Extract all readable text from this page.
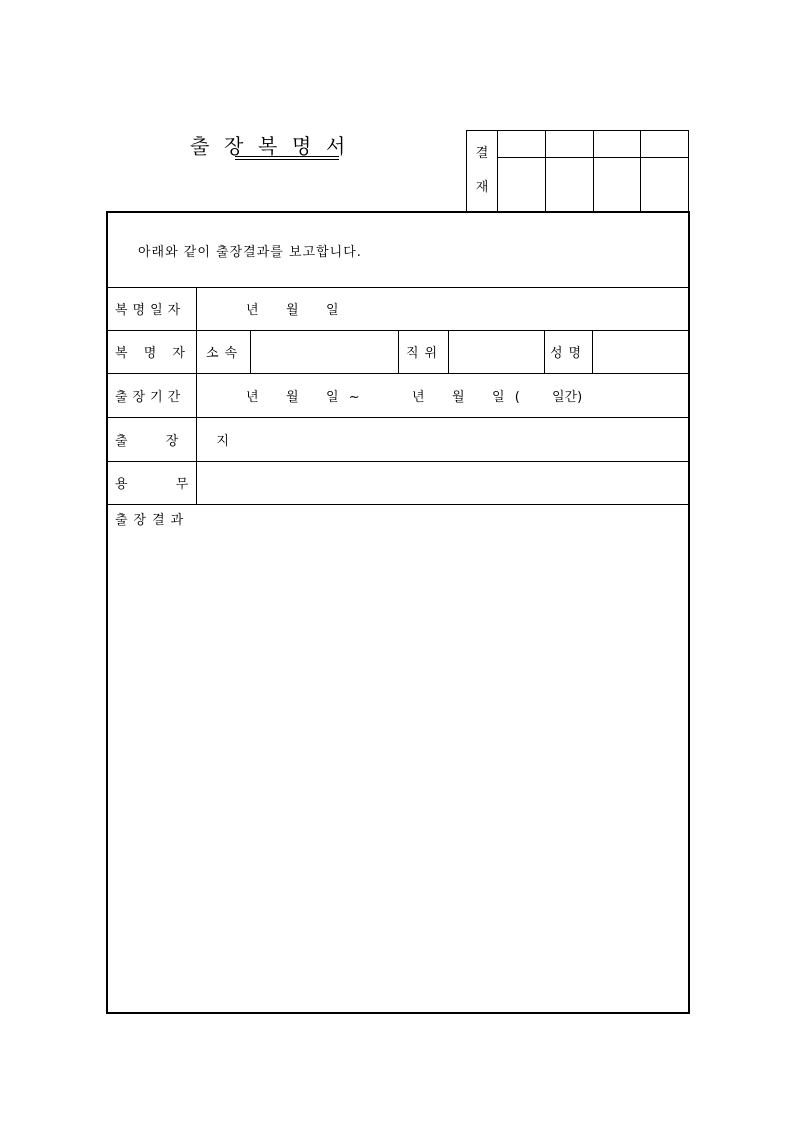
출 장 복 명 서	결
재				

아래와 같이 출장결과를 보고합니다.
복명일자	년 월 일
복 명 자 소속	직위	성명
출장기간	년 월 일 ~	년 월 일 ( 일간)
출 장 지
용 무
출장결과
